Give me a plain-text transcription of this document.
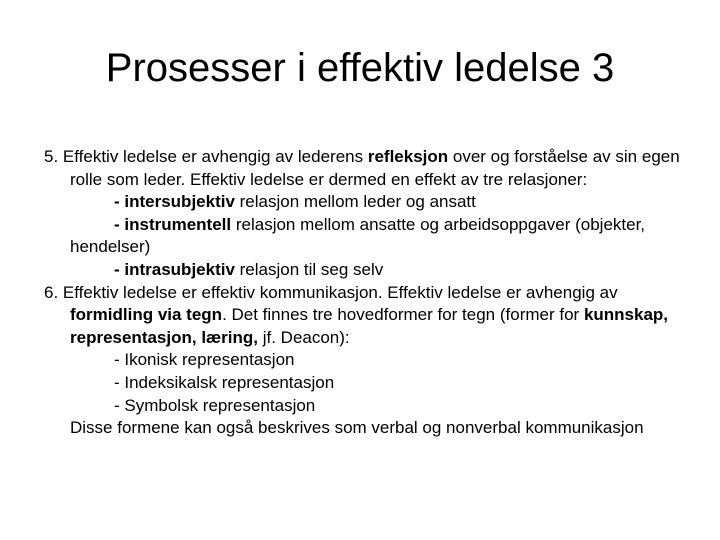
Prosesser i effektiv ledelse 3

5. Effektiv ledelse er avhengig av lederens refleksjon over og forståelse av sin egen rolle som leder. Effektiv ledelse er dermed en effekt av tre relasjoner:

- intersubjektiv relasjon mellom leder og ansatt

- instrumentell relasjon mellom ansatte og arbeidsoppgaver (objekter, hendelser)

- intrasubjektiv relasjon til seg selv

6. Effektiv ledelse er effektiv kommunikasjon. Effektiv ledelse er avhengig av formidling via tegn. Det finnes tre hovedformer for tegn (former for kunnskap, representasjon, læring, jf. Deacon):

- Ikonisk representasjon

- Indeksikalsk representasjon

- Symbolsk representasjon

Disse formene kan også beskrives som verbal og nonverbal kommunikasjon
